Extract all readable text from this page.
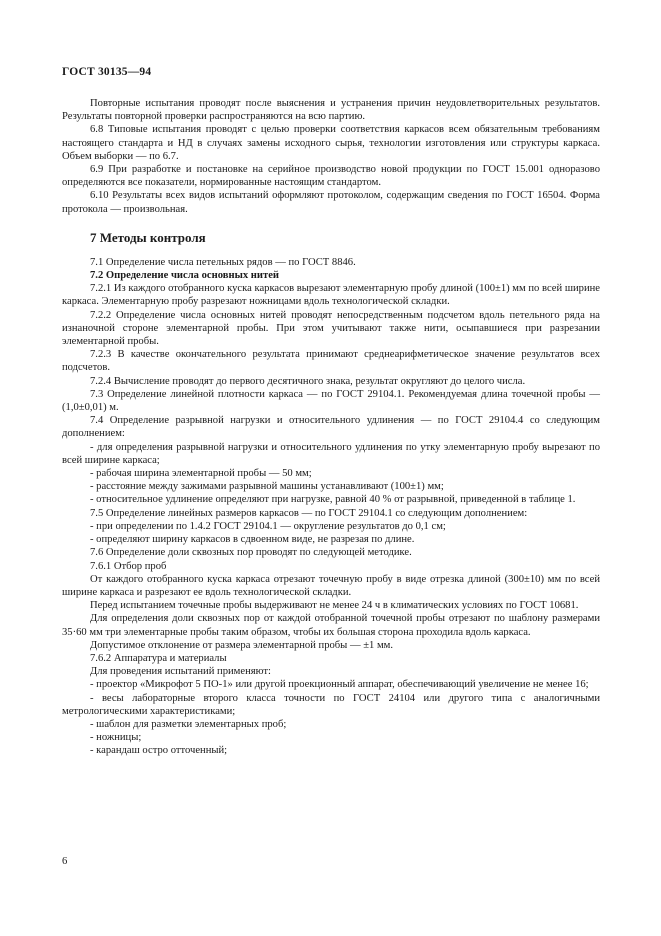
ГОСТ 30135—94

Повторные испытания проводят после выяснения и устранения причин неудовлетворительных результатов. Результаты повторной проверки распространяются на всю партию.

6.8 Типовые испытания проводят с целью проверки соответствия каркасов всем обязательным требованиям настоящего стандарта и НД в случаях замены исходного сырья, технологии изготовления или структуры каркаса. Объем выборки — по 6.7.

6.9 При разработке и постановке на серийное производство новой продукции по ГОСТ 15.001 одноразово определяются все показатели, нормированные настоящим стандартом.

6.10 Результаты всех видов испытаний оформляют протоколом, содержащим сведения по ГОСТ 16504. Форма протокола — произвольная.

7 Методы контроля

7.1 Определение числа петельных рядов — по ГОСТ 8846.

7.2 Определение числа основных нитей

7.2.1 Из каждого отобранного куска каркасов вырезают элементарную пробу длиной (100±1) мм по всей ширине каркаса. Элементарную пробу разрезают ножницами вдоль технологической складки.

7.2.2 Определение числа основных нитей проводят непосредственным подсчетом вдоль петельного ряда на изнаночной стороне элементарной пробы. При этом учитывают также нити, осыпавшиеся при разрезании элементарной пробы.

7.2.3 В качестве окончательного результата принимают среднеарифметическое значение результатов всех подсчетов.

7.2.4 Вычисление проводят до первого десятичного знака, результат округляют до целого числа.

7.3 Определение линейной плотности каркаса — по ГОСТ 29104.1. Рекомендуемая длина точечной пробы — (1,0±0,01) м.

7.4 Определение разрывной нагрузки и относительного удлинения — по ГОСТ 29104.4 со следующим дополнением:

- для определения разрывной нагрузки и относительного удлинения по утку элементарную пробу вырезают по всей ширине каркаса;

- рабочая ширина элементарной пробы — 50 мм;

- расстояние между зажимами разрывной машины устанавливают (100±1) мм;

- относительное удлинение определяют при нагрузке, равной 40 % от разрывной, приведенной в таблице 1.

7.5 Определение линейных размеров каркасов — по ГОСТ 29104.1 со следующим дополнением:

- при определении по 1.4.2 ГОСТ 29104.1 — округление результатов до 0,1 см;

- определяют ширину каркасов в сдвоенном виде, не разрезая по длине.

7.6 Определение доли сквозных пор проводят по следующей методике.

7.6.1 Отбор проб

От каждого отобранного куска каркаса отрезают точечную пробу в виде отрезка длиной (300±10) мм по всей ширине каркаса и разрезают ее вдоль технологической складки.

Перед испытанием точечные пробы выдерживают не менее 24 ч в климатических условиях по ГОСТ 10681.

Для определения доли сквозных пор от каждой отобранной точечной пробы отрезают по шаблону размерами 35·60 мм три элементарные пробы таким образом, чтобы их большая сторона проходила вдоль каркаса.

Допустимое отклонение от размера элементарной пробы — ±1 мм.

7.6.2 Аппаратура и материалы

Для проведения испытаний применяют:

- проектор «Микрофот 5 ПО-1» или другой проекционный аппарат, обеспечивающий увеличение не менее 16;

- весы лабораторные второго класса точности по ГОСТ 24104 или другого типа с аналогичными метрологическими характеристиками;

- шаблон для разметки элементарных проб;

- ножницы;

- карандаш остро отточенный;

6
